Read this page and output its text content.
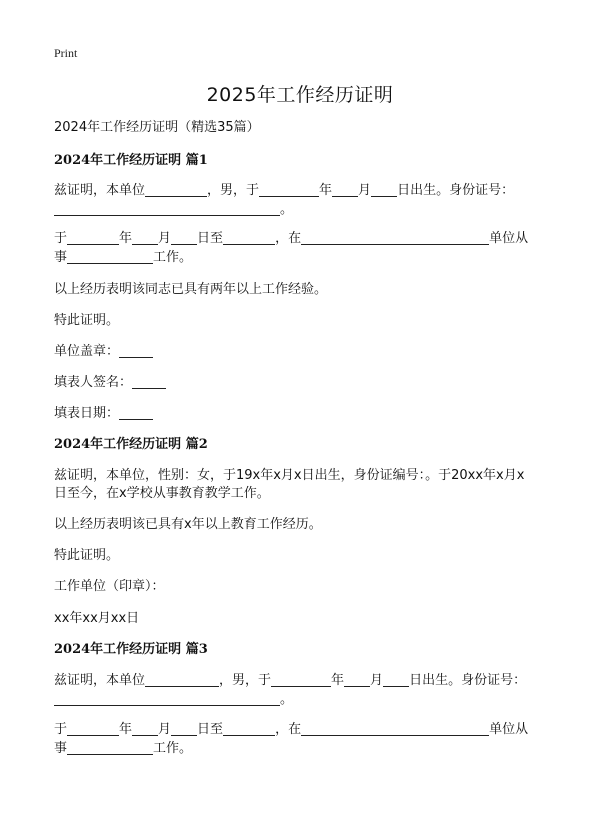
Print
2025年工作经历证明
2024年工作经历证明（精选35篇）
2024年工作经历证明 篇1
兹证明，本单位	，男，于	年 月 日出生。身份证号：
。
于	年 月 日至	，在	单位从
事	工作。
以上经历表明该同志已具有两年以上工作经验。
特此证明。
单位盖章：
填表人签名：
填表日期：
2024年工作经历证明 篇2
兹证明，本单位，性别：女，于19x年x月x日出生，身份证编号：。于20xx年x月x
日至今，在x学校从事教育教学工作。
以上经历表明该已具有x年以上教育工作经历。
特此证明。
工作单位（印章）：
xx年xx月xx日
2024年工作经历证明 篇3
兹证明，本单位	，男，于	年 月 日出生。身份证号：
。
于	年 月 日至	，在	单位从
事	工作。
